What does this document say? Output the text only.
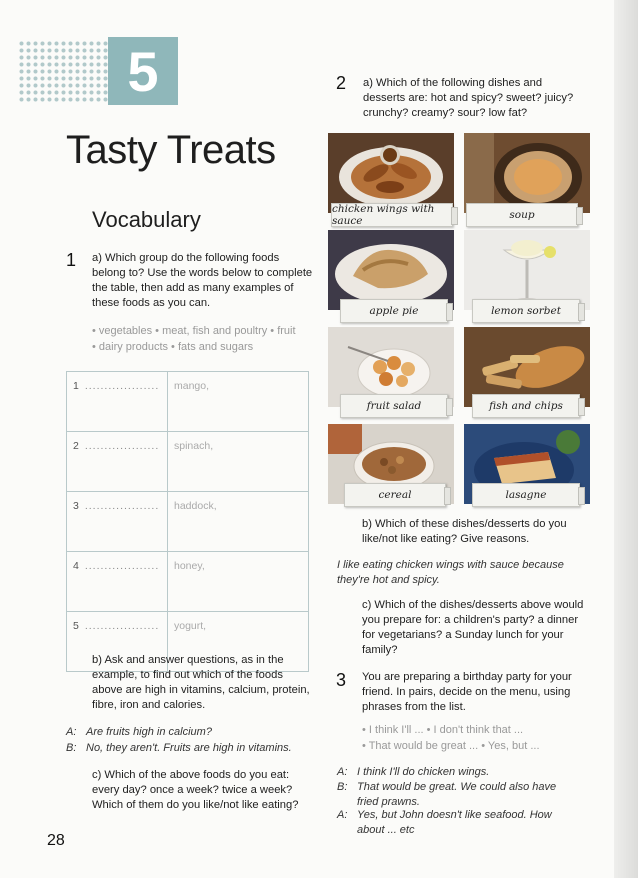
5
Tasty Treats
Vocabulary
1 a) Which group do the following foods belong to? Use the words below to complete the table, then add as many examples of these foods as you can.
• vegetables • meat, fish and poultry • fruit
• dairy products • fats and sugars
1 ...................	mango,
2 ...................	spinach,
3 ...................	haddock,
4 ...................	honey,
5 ...................	yogurt,
b) Ask and answer questions, as in the example, to find out which of the foods above are high in vitamins, calcium, protein, fibre, iron and calories.
A: Are fruits high in calcium?
B: No, they aren't. Fruits are high in vitamins.
c) Which of the above foods do you eat: every day? once a week? twice a week? Which of them do you like/not like eating?
28
2 a) Which of the following dishes and desserts are: hot and spicy? sweet? juicy? crunchy? creamy? sour? low fat?
chicken wings with sauce	soup
apple pie	lemon sorbet
fruit salad	fish and chips
cereal	lasagne
b) Which of these dishes/desserts do you like/not like eating? Give reasons.
I like eating chicken wings with sauce because they're hot and spicy.
c) Which of the dishes/desserts above would you prepare for: a children's party? a dinner for vegetarians? a Sunday lunch for your family?
3 You are preparing a birthday party for your friend. In pairs, decide on the menu, using phrases from the list.
• I think I'll ... • I don't think that ...
• That would be great ... • Yes, but ...
A: I think I'll do chicken wings.
B: That would be great. We could also have fried prawns.
A: Yes, but John doesn't like seafood. How about ... etc
